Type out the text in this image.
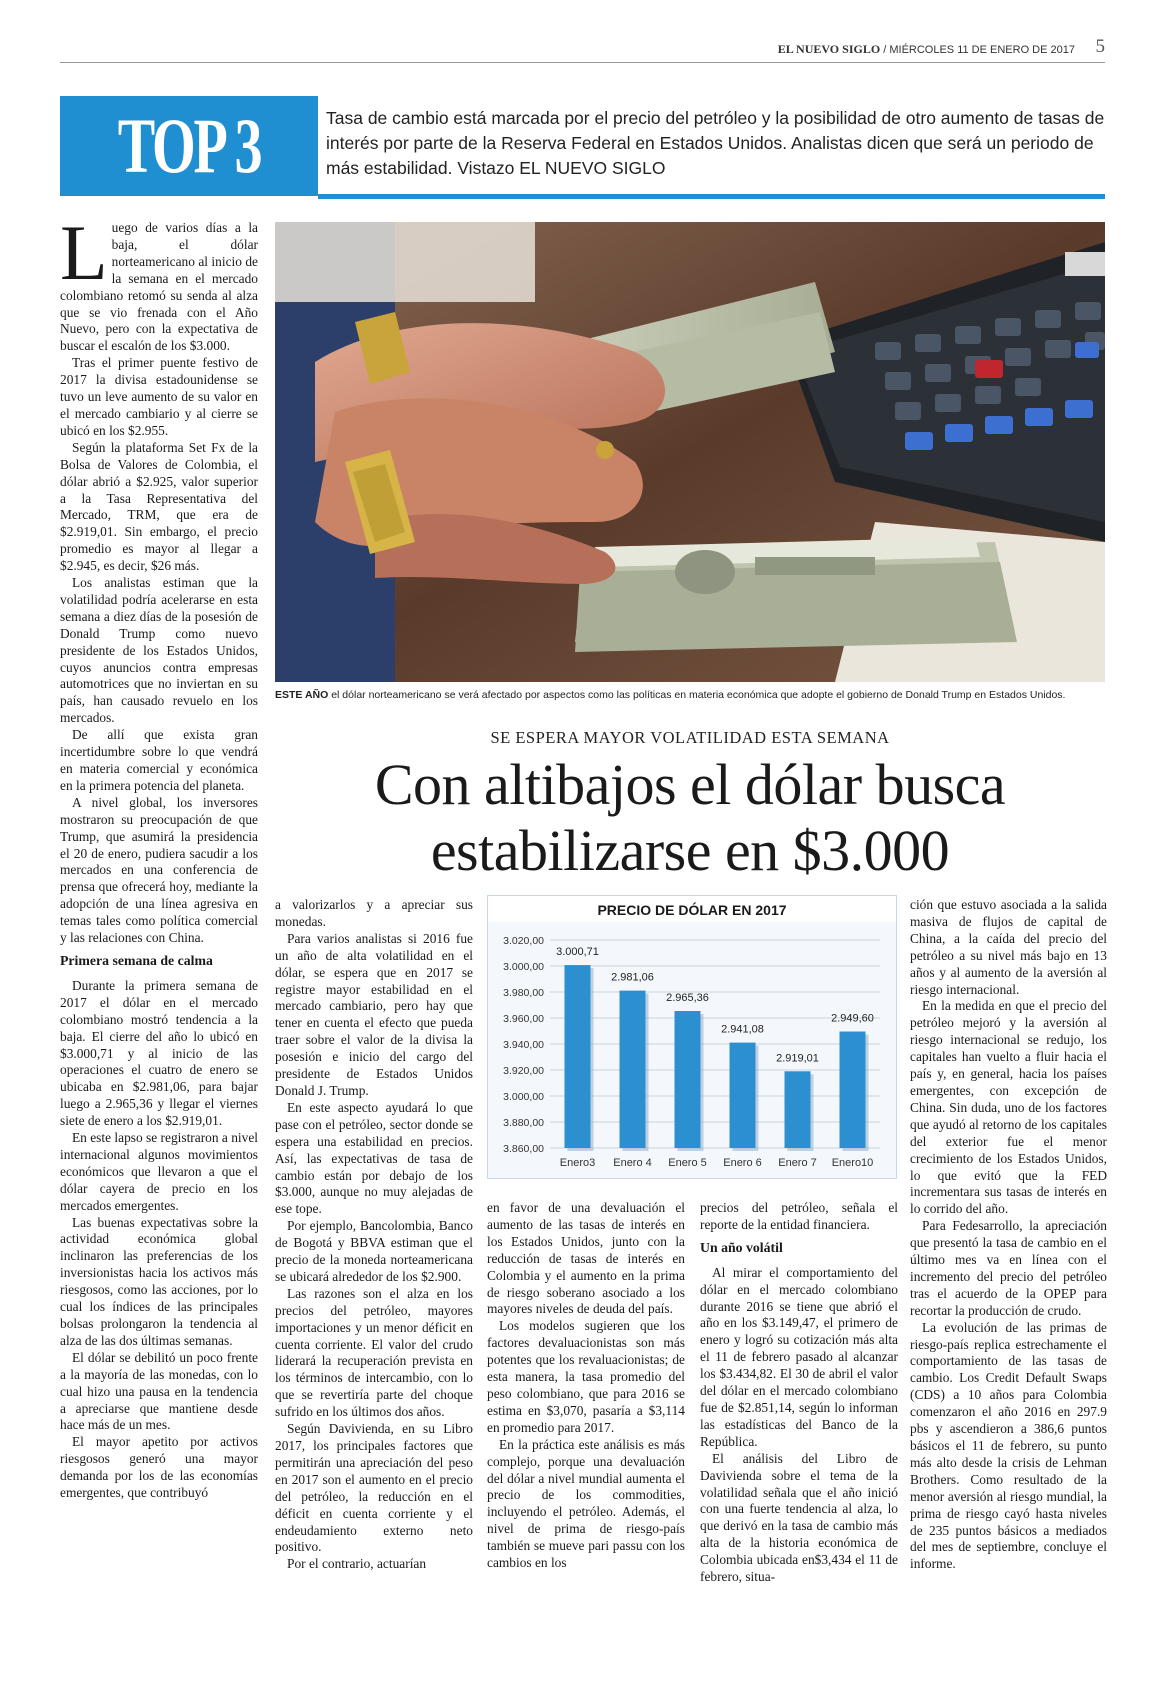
EL NUEVO SIGLO / MIÉRCOLES 11 DE ENERO DE 2017 5
TOP 3	Tasa de cambio está marcada por el precio del petróleo y la posibilidad de otro aumento de tasas de interés por parte de la Reserva Federal en Estados Unidos. Analistas dicen que será un periodo de más estabilidad. Vistazo EL NUEVO SIGLO

Luego de varios días a la baja, el dólar norteamericano al inicio de la semana en el mercado colombiano retomó su senda al alza que se vio frenada con el Año Nuevo, pero con la expectativa de buscar el escalón de los $3.000.

Tras el primer puente festivo de 2017 la divisa estadounidense se tuvo un leve aumento de su valor en el mercado cambiario y al cierre se ubicó en los $2.955.

Según la plataforma Set Fx de la Bolsa de Valores de Colombia, el dólar abrió a $2.925, valor superior a la Tasa Representativa del Mercado, TRM, que era de $2.919,01. Sin embargo, el precio promedio es mayor al llegar a $2.945, es decir, $26 más.

Los analistas estiman que la volatilidad podría acelerarse en esta semana a diez días de la posesión de Donald Trump como nuevo presidente de los Estados Unidos, cuyos anuncios contra empresas automotrices que no inviertan en su país, han causado revuelo en los mercados.

De allí que exista gran incertidumbre sobre lo que vendrá en materia comercial y económica en la primera potencia del planeta.

A nivel global, los inversores mostraron su preocupación de que Trump, que asumirá la presidencia el 20 de enero, pudiera sacudir a los mercados en una conferencia de prensa que ofrecerá hoy, mediante la adopción de una línea agresiva en temas tales como política comercial y las relaciones con China.

Primera semana de calma

Durante la primera semana de 2017 el dólar en el mercado colombiano mostró tendencia a la baja. El cierre del año lo ubicó en $3.000,71 y al inicio de las operaciones el cuatro de enero se ubicaba en $2.981,06, para bajar luego a 2.965,36 y llegar el viernes siete de enero a los $2.919,01.

En este lapso se registraron a nivel internacional algunos movimientos económicos que llevaron a que el dólar cayera de precio en los mercados emergentes.

Las buenas expectativas sobre la actividad económica global inclinaron las preferencias de los inversionistas hacia los activos más riesgosos, como las acciones, por lo cual los índices de las principales bolsas prolongaron la tendencia al alza de las dos últimas semanas.

El dólar se debilitó un poco frente a la mayoría de las monedas, con lo cual hizo una pausa en la tendencia a apreciarse que mantiene desde hace más de un mes.

El mayor apetito por activos riesgosos generó una mayor demanda por los de las economías emergentes, que contribuyó

ESTE AÑO el dólar norteamericano se verá afectado por aspectos como las políticas en materia económica que adopte el gobierno de Donald Trump en Estados Unidos.
SE ESPERA MAYOR VOLATILIDAD ESTA SEMANA
Con altibajos el dólar busca
estabilizarse en $3.000

a valorizarlos y a apreciar sus monedas.

Para varios analistas si 2016 fue un año de alta volatilidad en el dólar, se espera que en 2017 se registre mayor estabilidad en el mercado cambiario, pero hay que tener en cuenta el efecto que pueda traer sobre el valor de la divisa la posesión e inicio del cargo del presidente de Estados Unidos Donald J. Trump.

En este aspecto ayudará lo que pase con el petróleo, sector donde se espera una estabilidad en precios. Así, las expectativas de tasa de cambio están por debajo de los $3.000, aunque no muy alejadas de ese tope.

Por ejemplo, Bancolombia, Banco de Bogotá y BBVA estiman que el precio de la moneda norteamericana se ubicará alrededor de los $2.900.

Las razones son el alza en los precios del petróleo, mayores importaciones y un menor déficit en cuenta corriente. El valor del crudo liderará la recuperación prevista en los términos de intercambio, con lo que se revertiría parte del choque sufrido en los últimos dos años.

Según Davivienda, en su Libro 2017, los principales factores que permitirán una apreciación del peso en 2017 son el aumento en el precio del petróleo, la reducción en el déficit en cuenta corriente y el endeudamiento externo neto positivo.

Por el contrario, actuarían

PRECIO DE DÓLAR EN 2017
3.020,00
3.000,00
3.980,00
3.960,00
3.940,00
3.920,00
3.000,00
3.880,00
3.860,00
3.000,71
Enero3
2.981,06
Enero 4
2.965,36
Enero 5
2.941,08
Enero 6
2.919,01
Enero 7
2.949,60
Enero10

en favor de una devaluación el aumento de las tasas de interés en los Estados Unidos, junto con la reducción de tasas de interés en Colombia y el aumento en la prima de riesgo soberano asociado a los mayores niveles de deuda del país.

Los modelos sugieren que los factores devaluacionistas son más potentes que los revaluacionistas; de esta manera, la tasa promedio del peso colombiano, que para 2016 se estima en $3,070, pasaría a $3,114 en promedio para 2017.

En la práctica este análisis es más complejo, porque una devaluación del dólar a nivel mundial aumenta el precio de los commodities, incluyendo el petróleo. Además, el nivel de prima de riesgo-país también se mueve pari passu con los cambios en los

precios del petróleo, señala el reporte de la entidad financiera.

Un año volátil

Al mirar el comportamiento del dólar en el mercado colombiano durante 2016 se tiene que abrió el año en los $3.149,47, el primero de enero y logró su cotización más alta el 11 de febrero pasado al alcanzar los $3.434,82. El 30 de abril el valor del dólar en el mercado colombiano fue de $2.851,14, según lo informan las estadísticas del Banco de la República.

El análisis del Libro de Davivienda sobre el tema de la volatilidad señala que el año inició con una fuerte tendencia al alza, lo que derivó en la tasa de cambio más alta de la historia económica de Colombia ubicada en$3,434 el 11 de febrero, situa-

ción que estuvo asociada a la salida masiva de flujos de capital de China, a la caída del precio del petróleo a su nivel más bajo en 13 años y al aumento de la aversión al riesgo internacional.

En la medida en que el precio del petróleo mejoró y la aversión al riesgo internacional se redujo, los capitales han vuelto a fluir hacia el país y, en general, hacia los países emergentes, con excepción de China. Sin duda, uno de los factores que ayudó al retorno de los capitales del exterior fue el menor crecimiento de los Estados Unidos, lo que evitó que la FED incrementara sus tasas de interés en lo corrido del año.

Para Fedesarrollo, la apreciación que presentó la tasa de cambio en el último mes va en línea con el incremento del precio del petróleo tras el acuerdo de la OPEP para recortar la producción de crudo.

La evolución de las primas de riesgo-país replica estrechamente el comportamiento de las tasas de cambio. Los Credit Default Swaps (CDS) a 10 años para Colombia comenzaron el año 2016 en 297.9 pbs y ascendieron a 386,6 puntos básicos el 11 de febrero, su punto más alto desde la crisis de Lehman Brothers. Como resultado de la menor aversión al riesgo mundial, la prima de riesgo cayó hasta niveles de 235 puntos básicos a mediados del mes de septiembre, concluye el informe.
